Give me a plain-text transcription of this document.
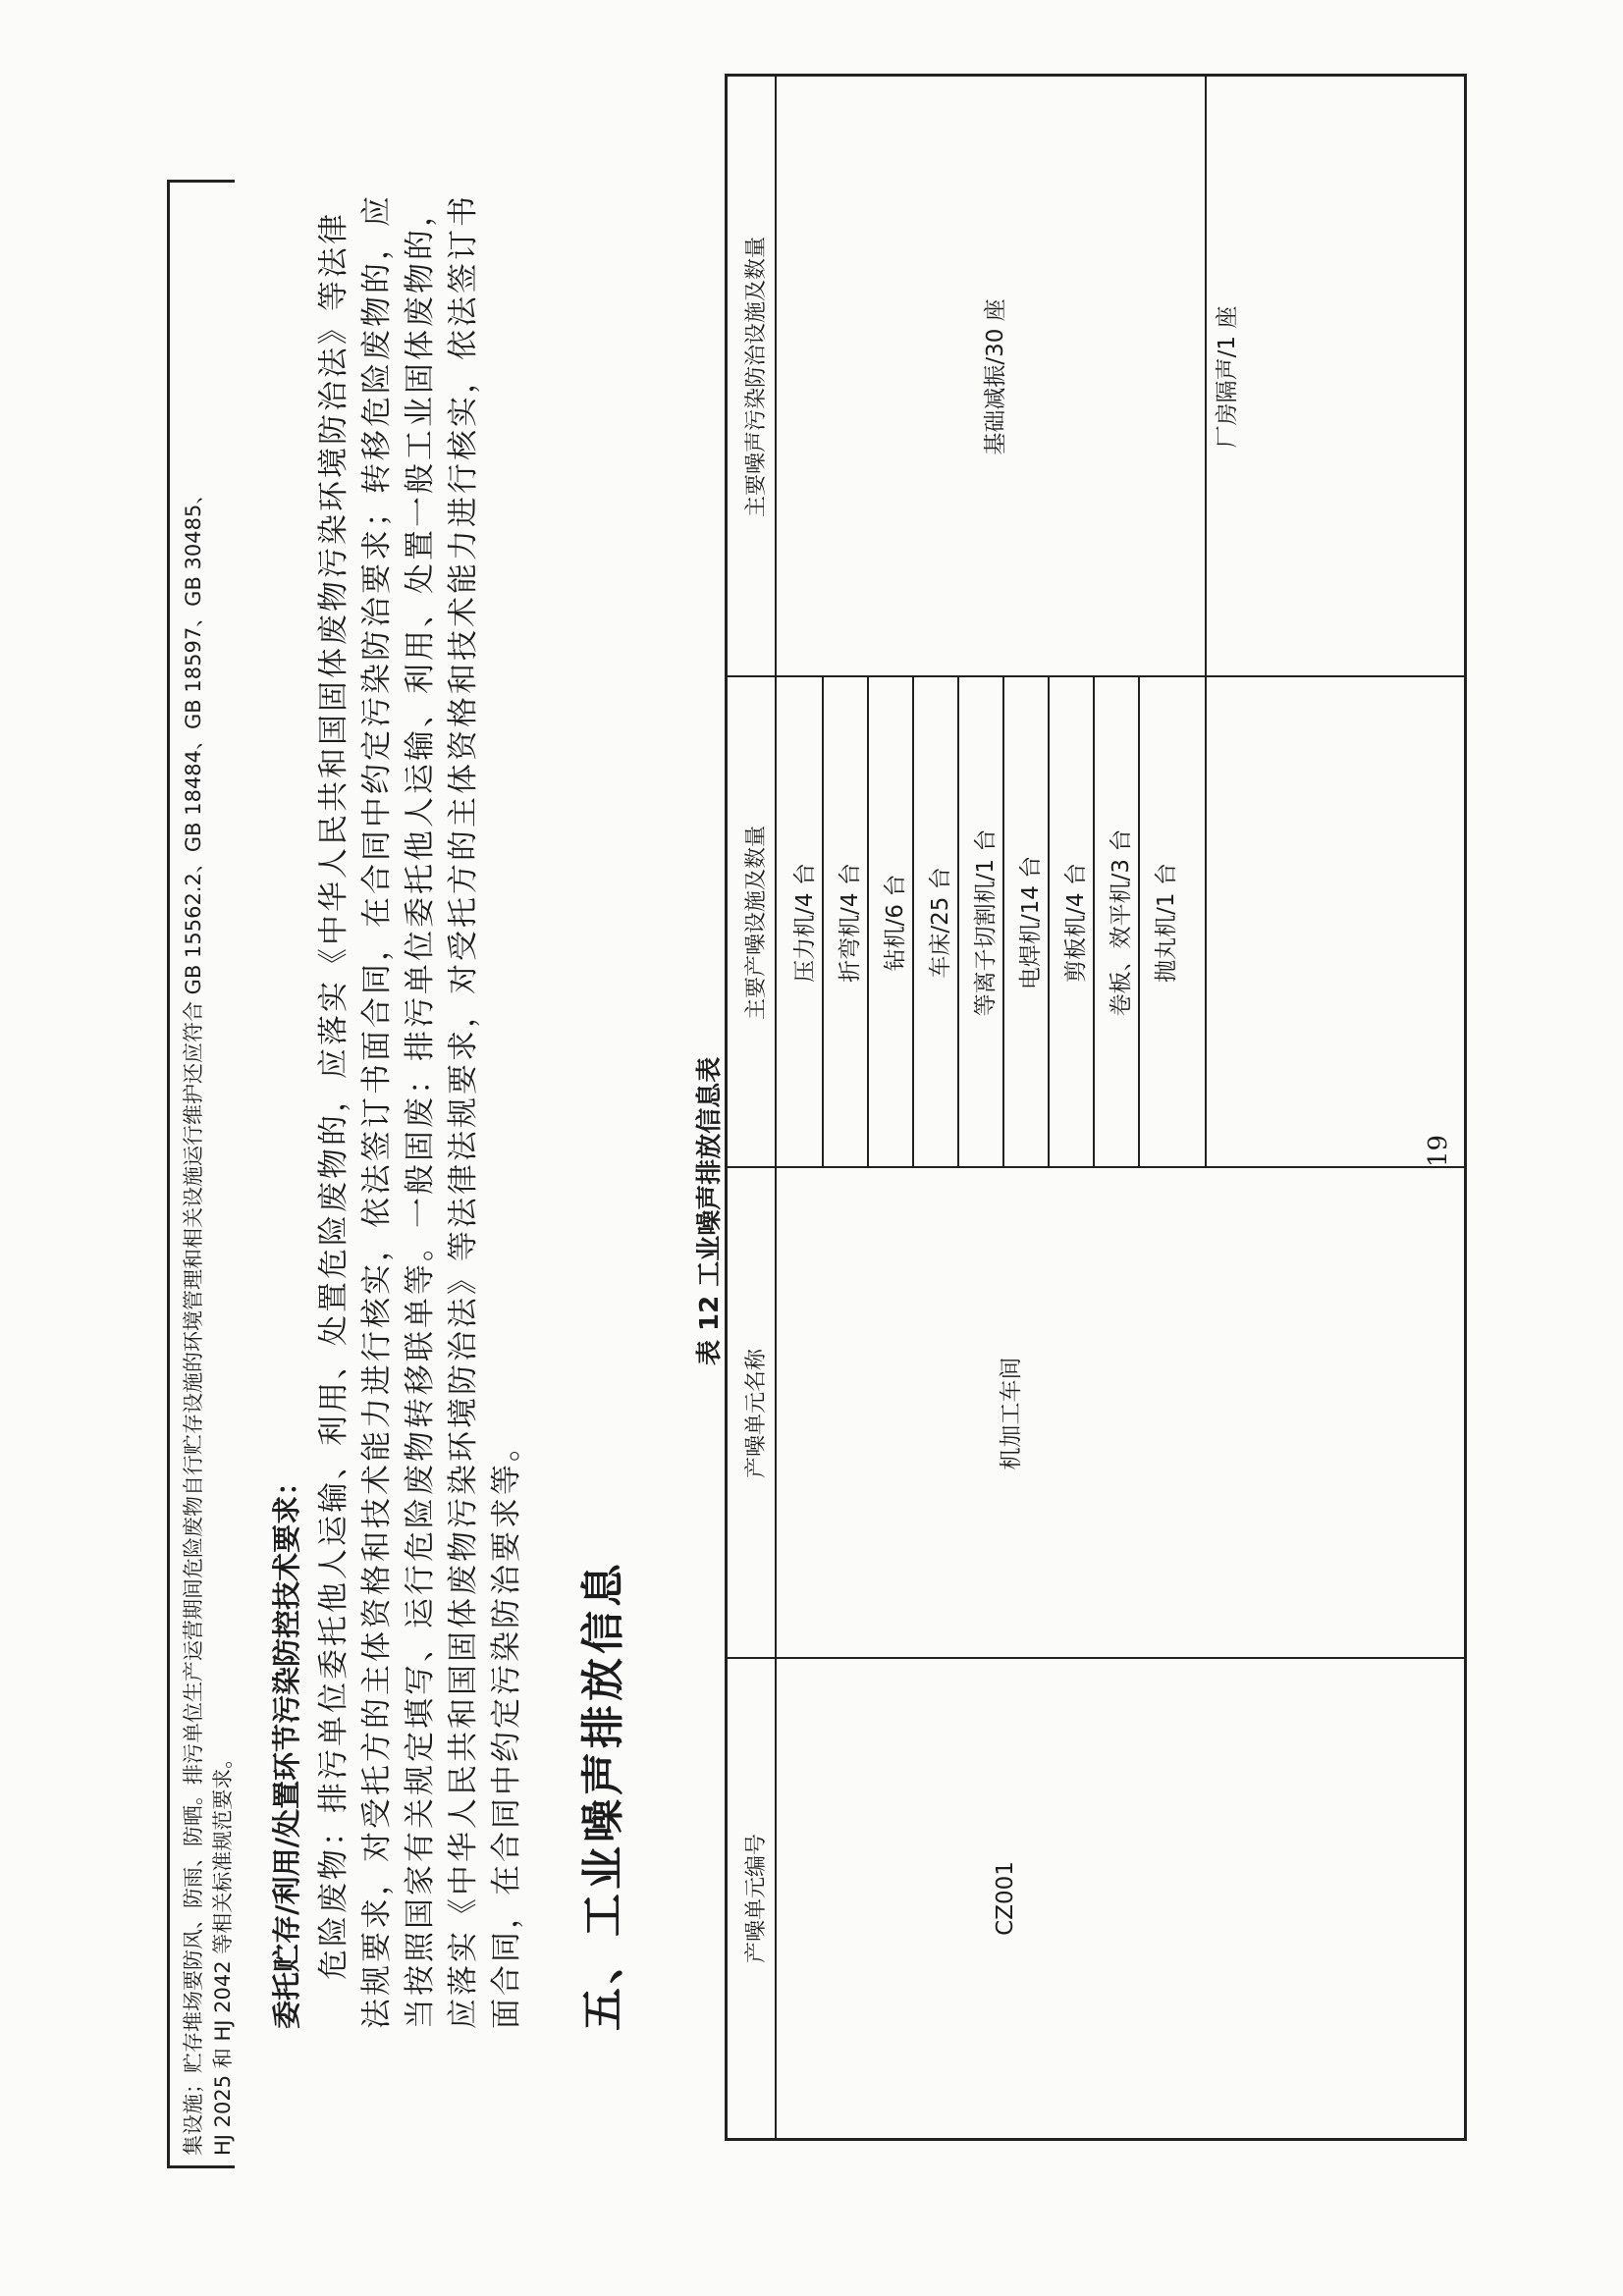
集设施；贮存堆场要防风、防雨、防晒。排污单位生产运营期间危险废物自行贮存设施的环境管理和相关设施运行维护还应符合 GB 15562.2、GB 18484、GB 18597、GB 30485、 HJ 2025 和 HJ 2042 等相关标准规范要求。 委托贮存/利用/处置环节污染防控技术要求： 危险废物：排污单位委托他人运输、利用、处置危险废物的，应落实《中华人民共和国固体废物污染环境防治法》等法律 法规要求，对受托方的主体资格和技术能力进行核实，依法签订书面合同，在合同中约定污染防治要求；转移危险废物的，应 当按照国家有关规定填写、运行危险废物转移联单等。一般固废：排污单位委托他人运输、利用、处置一般工业固体废物的， 应落实《中华人民共和国固体废物污染环境防治法》等法律法规要求，对受托方的主体资格和技术能力进行核实，依法签订书 面合同，在合同中约定污染防治要求等。 五、工业噪声排放信息
表 12 工业噪声排放信息表
产噪单元编号
产噪单元名称
主要产噪设施及数量
主要噪声污染防治设施及数量
CZ001
机加工车间
压力机/4 台 折弯机/4 台 钻机/6 台 车床/25 台 等离子切割机/1 台 电焊机/14 台 剪板机/4 台 卷板、效平机/3 台 抛丸机/1 台
基础减振/30 座	厂房隔声/1 座
19
